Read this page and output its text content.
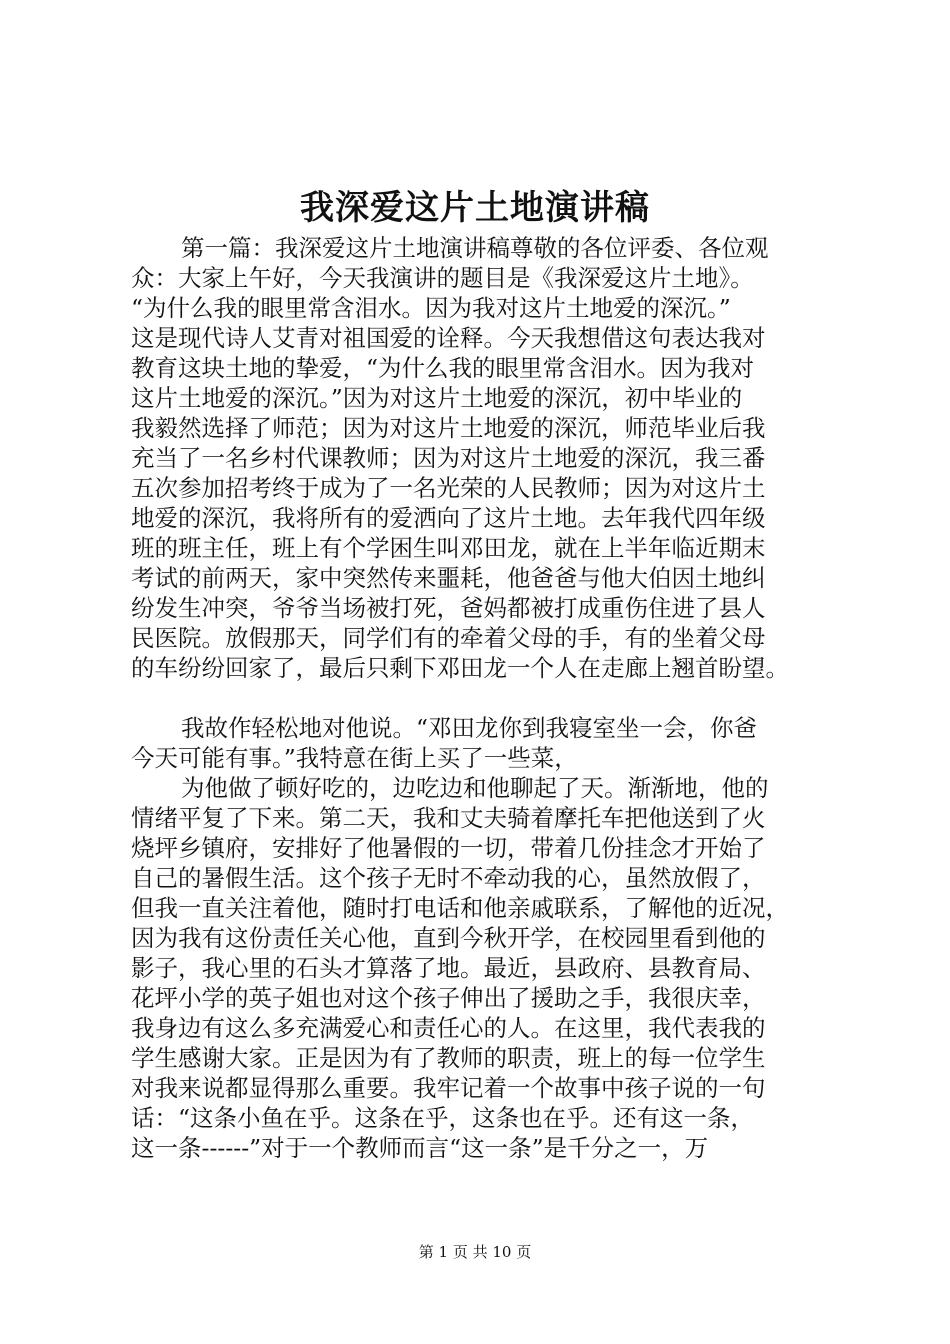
我深爱这片土地演讲稿
第一篇：我深爱这片土地演讲稿尊敬的各位评委、各位观
众：大家上午好，今天我演讲的题目是《我深爱这片土地》。
“为什么我的眼里常含泪水。因为我对这片土地爱的深沉。”
这是现代诗人艾青对祖国爱的诠释。今天我想借这句表达我对
教育这块土地的挚爱，“为什么我的眼里常含泪水。因为我对
这片土地爱的深沉。”因为对这片土地爱的深沉，初中毕业的
我毅然选择了师范；因为对这片土地爱的深沉，师范毕业后我
充当了一名乡村代课教师；因为对这片土地爱的深沉，我三番
五次参加招考终于成为了一名光荣的人民教师；因为对这片土
地爱的深沉，我将所有的爱洒向了这片土地。去年我代四年级
班的班主任，班上有个学困生叫邓田龙，就在上半年临近期末
考试的前两天，家中突然传来噩耗，他爸爸与他大伯因土地纠
纷发生冲突，爷爷当场被打死，爸妈都被打成重伤住进了县人
民医院。放假那天，同学们有的牵着父母的手，有的坐着父母
的车纷纷回家了，最后只剩下邓田龙一个人在走廊上翘首盼望。
我故作轻松地对他说。“邓田龙你到我寝室坐一会，你爸
今天可能有事。”我特意在街上买了一些菜，
为他做了顿好吃的，边吃边和他聊起了天。渐渐地，他的
情绪平复了下来。第二天，我和丈夫骑着摩托车把他送到了火
烧坪乡镇府，安排好了他暑假的一切，带着几份挂念才开始了
自己的暑假生活。这个孩子无时不牵动我的心，虽然放假了，
但我一直关注着他，随时打电话和他亲戚联系，了解他的近况，
因为我有这份责任关心他，直到今秋开学，在校园里看到他的
影子，我心里的石头才算落了地。最近，县政府、县教育局、
花坪小学的英子姐也对这个孩子伸出了援助之手，我很庆幸，
我身边有这么多充满爱心和责任心的人。在这里，我代表我的
学生感谢大家。正是因为有了教师的职责，班上的每一位学生
对我来说都显得那么重要。我牢记着一个故事中孩子说的一句
话：“这条小鱼在乎。这条在乎，这条也在乎。还有这一条，
这一条------”对于一个教师而言“这一条”是千分之一，万
第 1 页 共 10 页
